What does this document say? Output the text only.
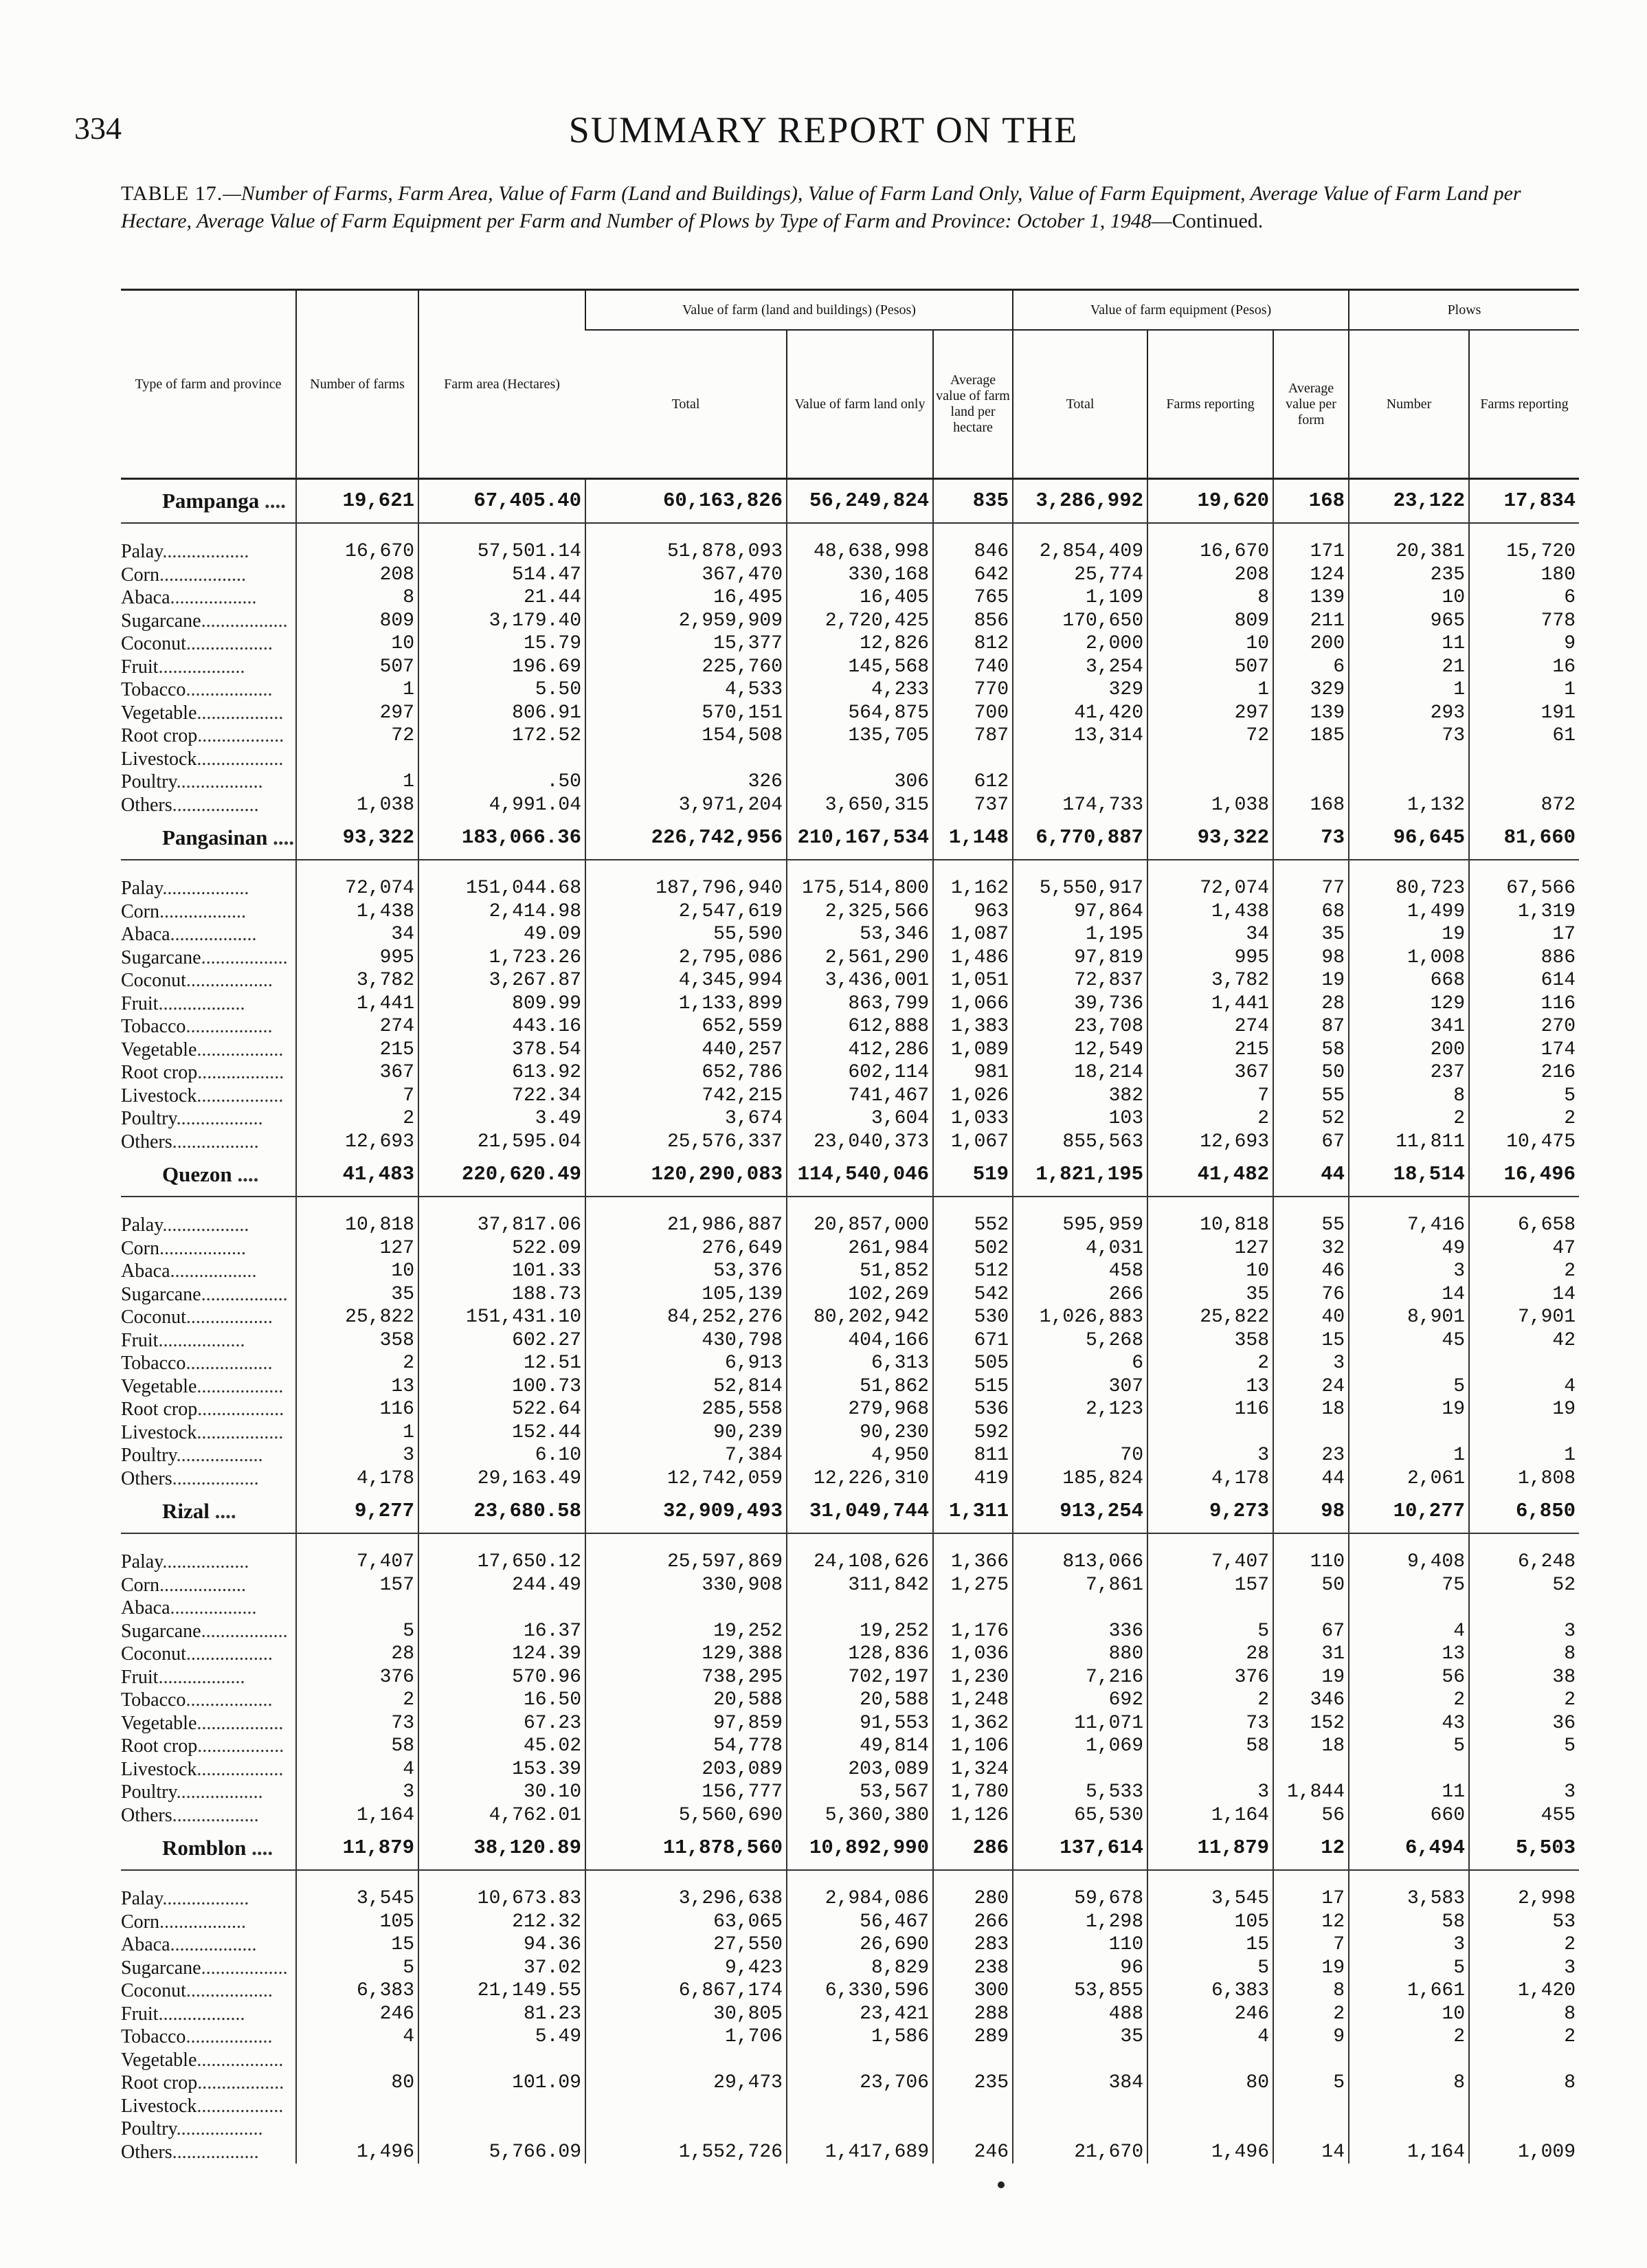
334	SUMMARY REPORT ON THE
TABLE 17.—Number of Farms, Farm Area, Value of Farm (Land and Buildings), Value of Farm Land Only, Value of Farm Equipment, Average Value of Farm Land per Hectare, Average Value of Farm Equipment per Farm and Number of Plows by Type of Farm and Province: October 1, 1948—Continued.
Type of farm and province	Number of farms	Farm area (Hectares)	Value of farm (land and buildings) (Pesos)			Value of farm equipment (Pesos)			Plows	
			Total	Value of farm land only	Average value of farm land per hectare	Total	Farms reporting	Average value per form	Number	Farms reporting
Pampanga ....	19,621	67,405.40	60,163,826	56,249,824	835	3,286,992	19,620	168	23,122	17,834

Palay..................	16,670	57,501.14	51,878,093	48,638,998	846	2,854,409	16,670	171	20,381	15,720
Corn..................	208	514.47	367,470	330,168	642	25,774	208	124	235	180
Abaca..................	8	21.44	16,495	16,405	765	1,109	8	139	10	6
Sugarcane..................	809	3,179.40	2,959,909	2,720,425	856	170,650	809	211	965	778
Coconut..................	10	15.79	15,377	12,826	812	2,000	10	200	11	9
Fruit..................	507	196.69	225,760	145,568	740	3,254	507	6	21	16
Tobacco..................	1	5.50	4,533	4,233	770	329	1	329	1	1
Vegetable..................	297	806.91	570,151	564,875	700	41,420	297	139	293	191
Root crop..................	72	172.52	154,508	135,705	787	13,314	72	185	73	61
Livestock..................										
Poultry..................	1	.50	326	306	612					
Others..................	1,038	4,991.04	3,971,204	3,650,315	737	174,733	1,038	168	1,132	872
Pangasinan ....	93,322	183,066.36	226,742,956	210,167,534	1,148	6,770,887	93,322	73	96,645	81,660

Palay..................	72,074	151,044.68	187,796,940	175,514,800	1,162	5,550,917	72,074	77	80,723	67,566
Corn..................	1,438	2,414.98	2,547,619	2,325,566	963	97,864	1,438	68	1,499	1,319
Abaca..................	34	49.09	55,590	53,346	1,087	1,195	34	35	19	17
Sugarcane..................	995	1,723.26	2,795,086	2,561,290	1,486	97,819	995	98	1,008	886
Coconut..................	3,782	3,267.87	4,345,994	3,436,001	1,051	72,837	3,782	19	668	614
Fruit..................	1,441	809.99	1,133,899	863,799	1,066	39,736	1,441	28	129	116
Tobacco..................	274	443.16	652,559	612,888	1,383	23,708	274	87	341	270
Vegetable..................	215	378.54	440,257	412,286	1,089	12,549	215	58	200	174
Root crop..................	367	613.92	652,786	602,114	981	18,214	367	50	237	216
Livestock..................	7	722.34	742,215	741,467	1,026	382	7	55	8	5
Poultry..................	2	3.49	3,674	3,604	1,033	103	2	52	2	2
Others..................	12,693	21,595.04	25,576,337	23,040,373	1,067	855,563	12,693	67	11,811	10,475
Quezon ....	41,483	220,620.49	120,290,083	114,540,046	519	1,821,195	41,482	44	18,514	16,496

Palay..................	10,818	37,817.06	21,986,887	20,857,000	552	595,959	10,818	55	7,416	6,658
Corn..................	127	522.09	276,649	261,984	502	4,031	127	32	49	47
Abaca..................	10	101.33	53,376	51,852	512	458	10	46	3	2
Sugarcane..................	35	188.73	105,139	102,269	542	266	35	76	14	14
Coconut..................	25,822	151,431.10	84,252,276	80,202,942	530	1,026,883	25,822	40	8,901	7,901
Fruit..................	358	602.27	430,798	404,166	671	5,268	358	15	45	42
Tobacco..................	2	12.51	6,913	6,313	505	6	2	3		
Vegetable..................	13	100.73	52,814	51,862	515	307	13	24	5	4
Root crop..................	116	522.64	285,558	279,968	536	2,123	116	18	19	19
Livestock..................	1	152.44	90,239	90,230	592					
Poultry..................	3	6.10	7,384	4,950	811	70	3	23	1	1
Others..................	4,178	29,163.49	12,742,059	12,226,310	419	185,824	4,178	44	2,061	1,808
Rizal ....	9,277	23,680.58	32,909,493	31,049,744	1,311	913,254	9,273	98	10,277	6,850

Palay..................	7,407	17,650.12	25,597,869	24,108,626	1,366	813,066	7,407	110	9,408	6,248
Corn..................	157	244.49	330,908	311,842	1,275	7,861	157	50	75	52
Abaca..................										
Sugarcane..................	5	16.37	19,252	19,252	1,176	336	5	67	4	3
Coconut..................	28	124.39	129,388	128,836	1,036	880	28	31	13	8
Fruit..................	376	570.96	738,295	702,197	1,230	7,216	376	19	56	38
Tobacco..................	2	16.50	20,588	20,588	1,248	692	2	346	2	2
Vegetable..................	73	67.23	97,859	91,553	1,362	11,071	73	152	43	36
Root crop..................	58	45.02	54,778	49,814	1,106	1,069	58	18	5	5
Livestock..................	4	153.39	203,089	203,089	1,324					
Poultry..................	3	30.10	156,777	53,567	1,780	5,533	3	1,844	11	3
Others..................	1,164	4,762.01	5,560,690	5,360,380	1,126	65,530	1,164	56	660	455
Romblon ....	11,879	38,120.89	11,878,560	10,892,990	286	137,614	11,879	12	6,494	5,503

Palay..................	3,545	10,673.83	3,296,638	2,984,086	280	59,678	3,545	17	3,583	2,998
Corn..................	105	212.32	63,065	56,467	266	1,298	105	12	58	53
Abaca..................	15	94.36	27,550	26,690	283	110	15	7	3	2
Sugarcane..................	5	37.02	9,423	8,829	238	96	5	19	5	3
Coconut..................	6,383	21,149.55	6,867,174	6,330,596	300	53,855	6,383	8	1,661	1,420
Fruit..................	246	81.23	30,805	23,421	288	488	246	2	10	8
Tobacco..................	4	5.49	1,706	1,586	289	35	4	9	2	2
Vegetable..................										
Root crop..................	80	101.09	29,473	23,706	235	384	80	5	8	8
Livestock..................										
Poultry..................										
Others..................	1,496	5,766.09	1,552,726	1,417,689	246	21,670	1,496	14	1,164	1,009
